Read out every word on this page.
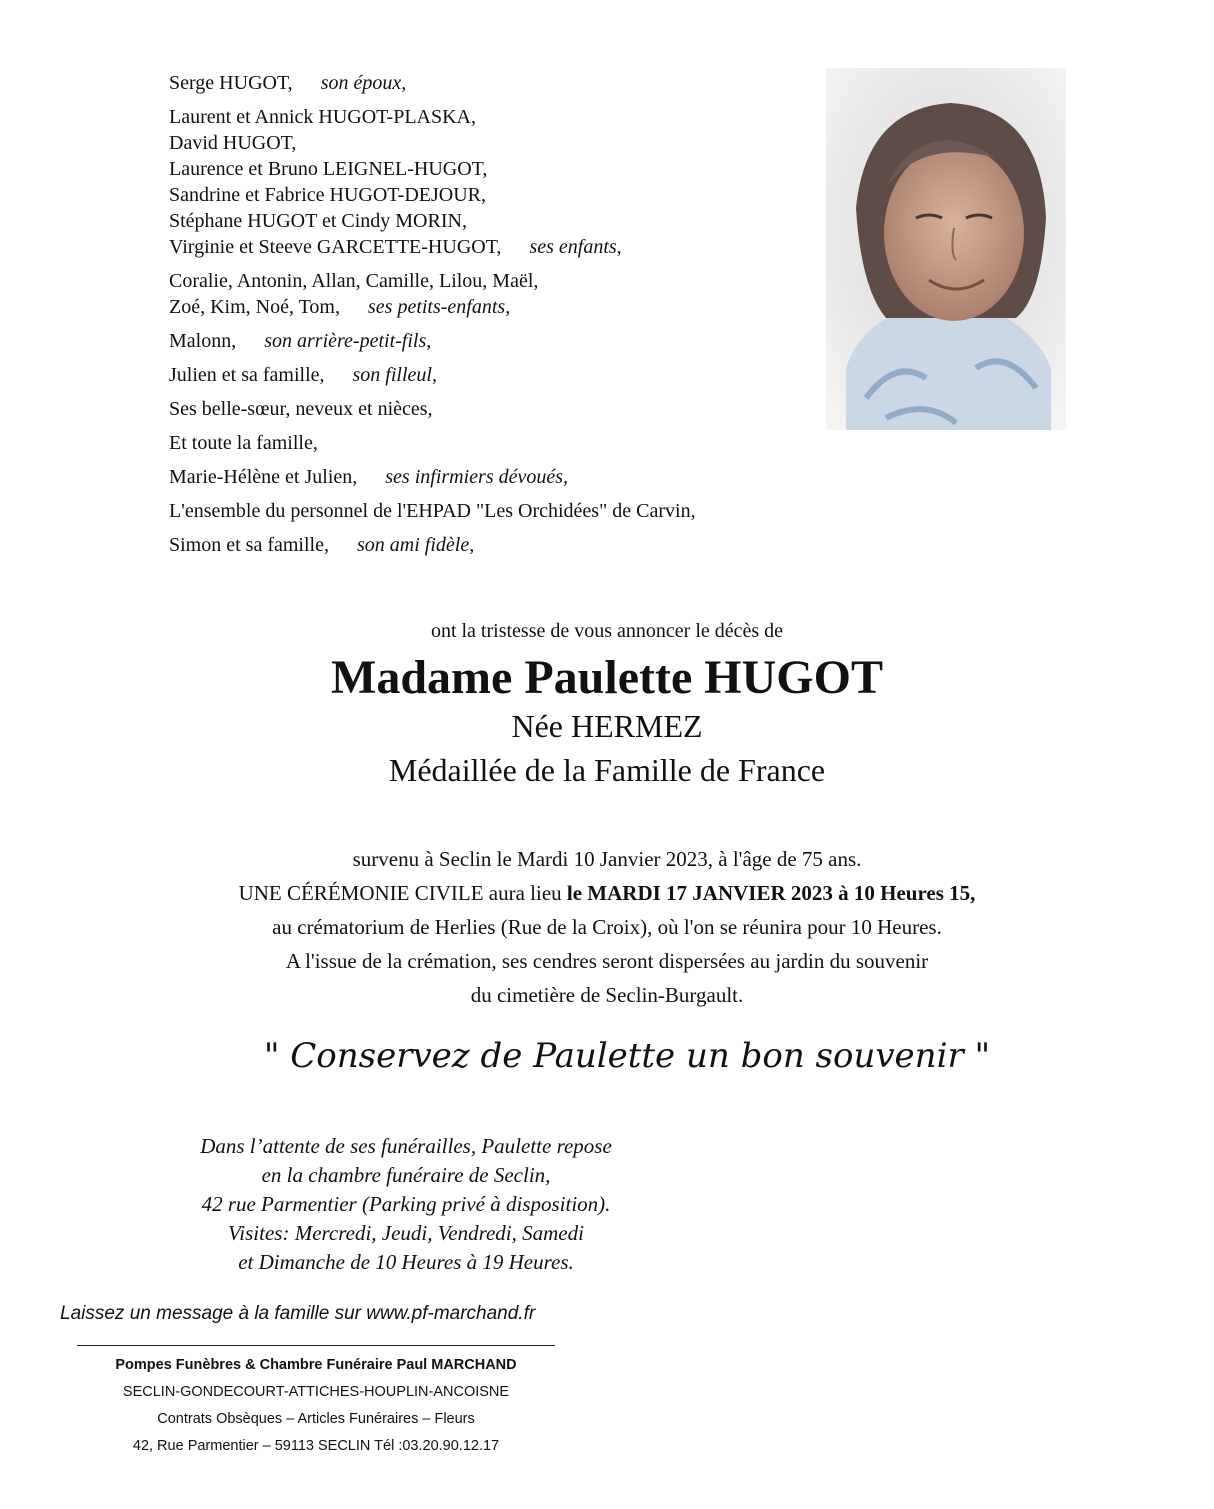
Serge HUGOT, son époux,
Laurent et Annick HUGOT-PLASKA,
David HUGOT,
Laurence et Bruno LEIGNEL-HUGOT,
Sandrine et Fabrice HUGOT-DEJOUR,
Stéphane HUGOT et Cindy MORIN,
Virginie et Steeve GARCETTE-HUGOT, ses enfants,
Coralie, Antonin, Allan, Camille, Lilou, Maël,
Zoé, Kim, Noé, Tom, ses petits-enfants,
Malonn, son arrière-petit-fils,
Julien et sa famille, son filleul,
Ses belle-sœur, neveux et nièces,
Et toute la famille,
Marie-Hélène et Julien, ses infirmiers dévoués,
L'ensemble du personnel de l'EHPAD "Les Orchidées" de Carvin,
Simon et sa famille, son ami fidèle,
ont la tristesse de vous annoncer le décès de
Madame Paulette HUGOT
Née HERMEZ
Médaillée de la Famille de France
survenu à Seclin le Mardi 10 Janvier 2023, à l'âge de 75 ans.
UNE CÉRÉMONIE CIVILE aura lieu le MARDI 17 JANVIER 2023 à 10 Heures 15,
au crématorium de Herlies (Rue de la Croix), où l'on se réunira pour 10 Heures.
A l'issue de la crémation, ses cendres seront dispersées au jardin du souvenir
du cimetière de Seclin-Burgault.
" Conservez de Paulette un bon souvenir "
Dans l’attente de ses funérailles, Paulette repose
en la chambre funéraire de Seclin,
42 rue Parmentier (Parking privé à disposition).
Visites: Mercredi, Jeudi, Vendredi, Samedi
et Dimanche de 10 Heures à 19 Heures.
Laissez un message à la famille sur www.pf-marchand.fr
Pompes Funèbres & Chambre Funéraire Paul MARCHAND
SECLIN-GONDECOURT-ATTICHES-HOUPLIN-ANCOISNE
Contrats Obsèques – Articles Funéraires – Fleurs
42, Rue Parmentier – 59113 SECLIN Tél :03.20.90.12.17
